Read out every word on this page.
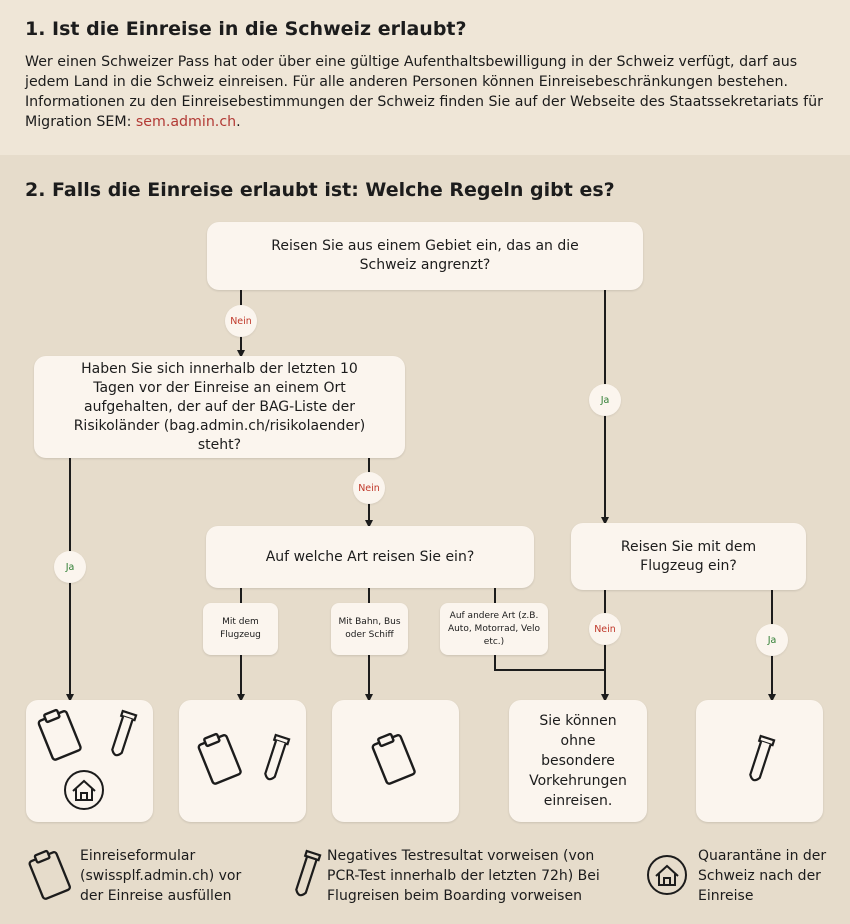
1. Ist die Einreise in die Schweiz erlaubt?
Wer einen Schweizer Pass hat oder über eine gültige Aufenthaltsbewilligung in der Schweiz verfügt, darf aus jedem Land in die Schweiz einreisen. Für alle anderen Personen können Einreisebeschränkungen bestehen. Informationen zu den Einreisebestimmungen der Schweiz finden Sie auf der Webseite des Staatssekretariats für Migration SEM: sem.admin.ch.
2. Falls die Einreise erlaubt ist: Welche Regeln gibt es?
Reisen Sie aus einem Gebiet ein, das an die Schweiz angrenzt?
Haben Sie sich innerhalb der letzten 10 Tagen vor der Einreise an einem Ort aufgehalten, der auf der BAG-Liste der Risikoländer (bag.admin.ch/risikolaender) steht?
Auf welche Art reisen Sie ein?
Reisen Sie mit dem Flugzeug ein?
Mit dem Flugzeug
Mit Bahn, Bus oder Schiff
Auf andere Art (z.B. Auto, Motorrad, Velo etc.)
Nein
Ja
Nein
Ja
Nein
Ja
Sie können ohne besondere Vorkehrungen einreisen.
Einreiseformular (swissplf.admin.ch) vor der Einreise ausfüllen
Negatives Testresultat vorweisen (von PCR-Test innerhalb der letzten 72h) Bei Flugreisen beim Boarding vorweisen
Quarantäne in der Schweiz nach der Einreise
